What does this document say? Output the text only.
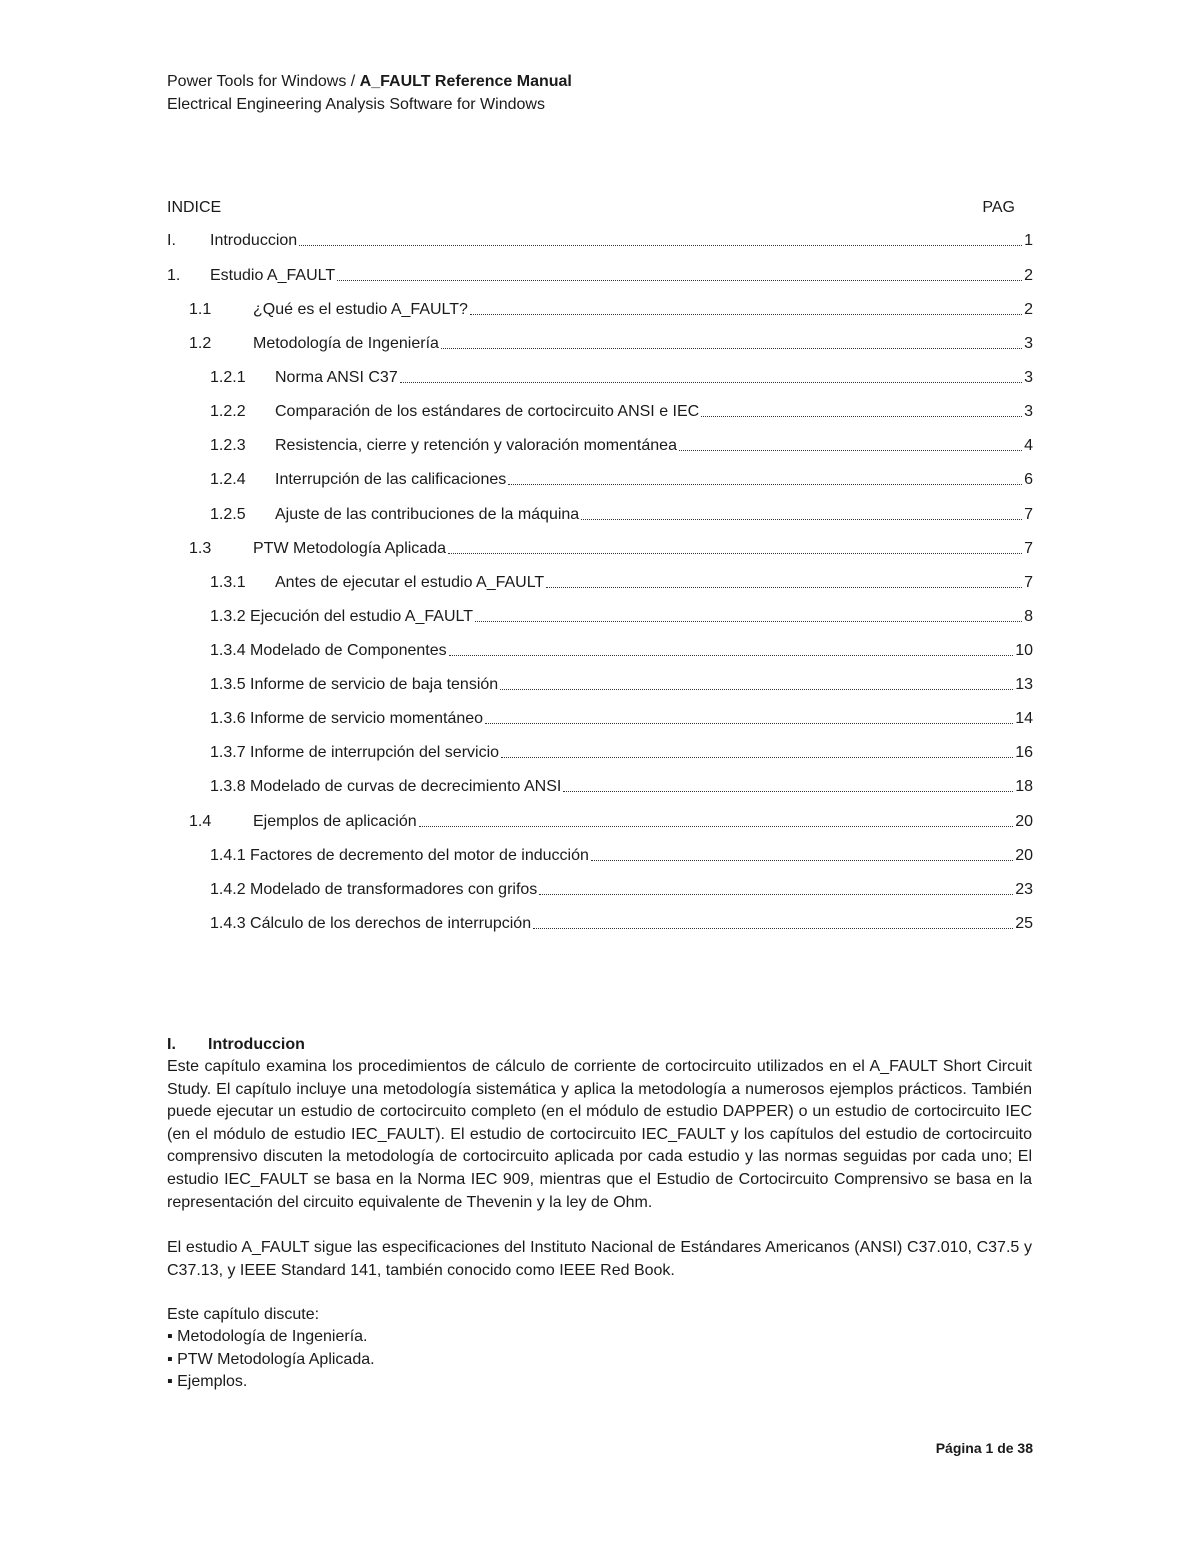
Power Tools for Windows / A_FAULT Reference Manual
Electrical Engineering Analysis Software for Windows
INDICE	PAG
I.	Introduccion	1
1.	Estudio A_FAULT	2
1.1	¿Qué es el estudio A_FAULT?	2
1.2	Metodología de Ingeniería	3
1.2.1	Norma ANSI C37	3
1.2.2	Comparación de los estándares de cortocircuito ANSI e IEC	3
1.2.3	Resistencia, cierre y retención y valoración momentánea	4
1.2.4	Interrupción de las calificaciones	6
1.2.5	Ajuste de las contribuciones de la máquina	7
1.3	PTW Metodología Aplicada	7
1.3.1	Antes de ejecutar el estudio A_FAULT	7
1.3.2 Ejecución del estudio A_FAULT	8
1.3.4 Modelado de Componentes	10
1.3.5 Informe de servicio de baja tensión	13
1.3.6 Informe de servicio momentáneo	14
1.3.7 Informe de interrupción del servicio	16
1.3.8 Modelado de curvas de decrecimiento ANSI	18
1.4	Ejemplos de aplicación	20
1.4.1 Factores de decremento del motor de inducción	20
1.4.2 Modelado de transformadores con grifos	23
1.4.3 Cálculo de los derechos de interrupción	25
I. Introduccion

Este capítulo examina los procedimientos de cálculo de corriente de cortocircuito utilizados en el A_FAULT Short Circuit Study. El capítulo incluye una metodología sistemática y aplica la metodología a numerosos ejemplos prácticos. También puede ejecutar un estudio de cortocircuito completo (en el módulo de estudio DAPPER) o un estudio de cortocircuito IEC (en el módulo de estudio IEC_FAULT). El estudio de cortocircuito IEC_FAULT y los capítulos del estudio de cortocircuito comprensivo discuten la metodología de cortocircuito aplicada por cada estudio y las normas seguidas por cada uno; El estudio IEC_FAULT se basa en la Norma IEC 909, mientras que el Estudio de Cortocircuito Comprensivo se basa en la representación del circuito equivalente de Thevenin y la ley de Ohm.

El estudio A_FAULT sigue las especificaciones del Instituto Nacional de Estándares Americanos (ANSI) C37.010, C37.5 y C37.13, y IEEE Standard 141, también conocido como IEEE Red Book.

Este capítulo discute:

▪ Metodología de Ingeniería.
▪ PTW Metodología Aplicada.
▪ Ejemplos.
Página 1 de 38
